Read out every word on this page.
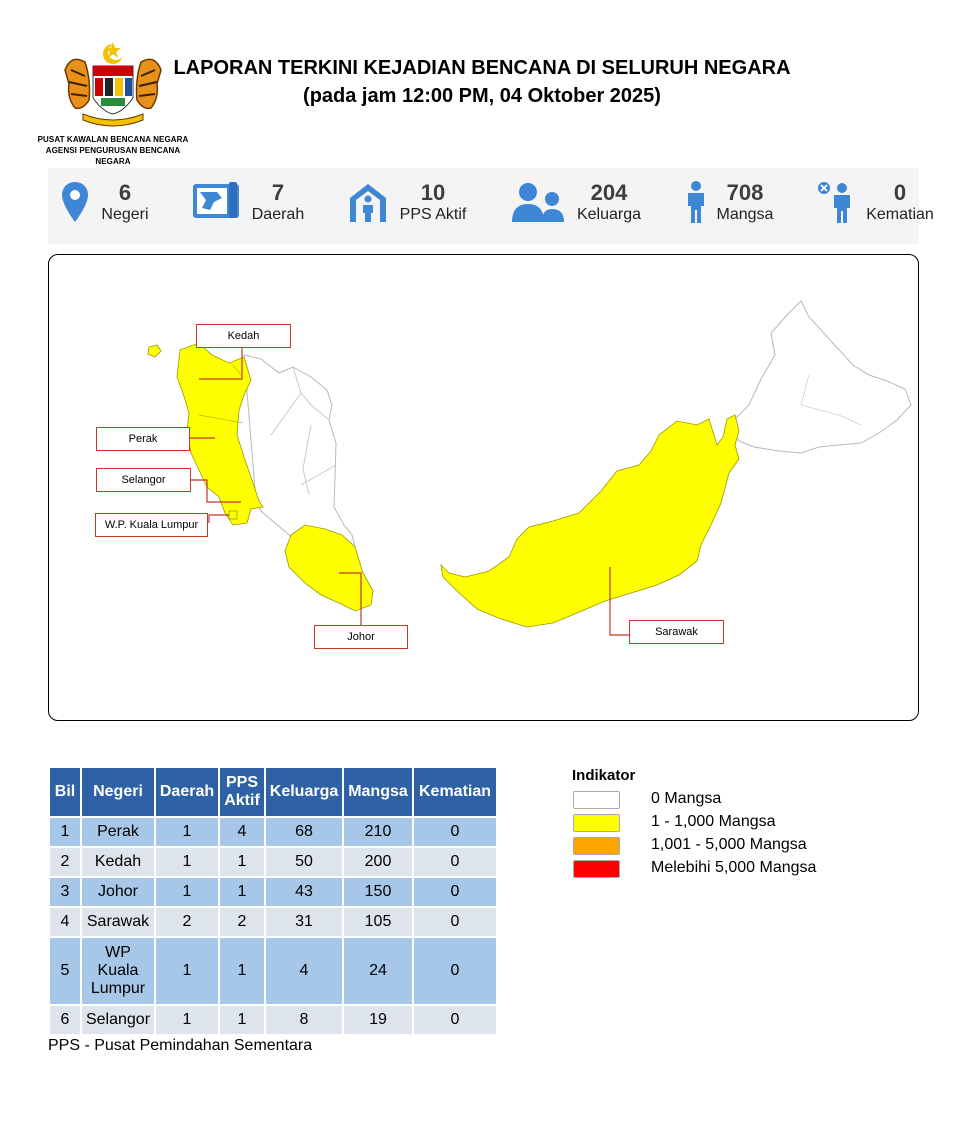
PUSAT KAWALAN BENCANA NEGARA
AGENSI PENGURUSAN BENCANA NEGARA
LAPORAN TERKINI KEJADIAN BENCANA DI SELURUH NEGARA
(pada jam 12:00 PM, 04 Oktober 2025)
6
Negeri
7
Daerah
10
PPS Aktif
204
Keluarga
708
Mangsa
0
Kematian
Kedah
Perak
Selangor
W.P. Kuala Lumpur
Johor	Sarawak
Bil	Negeri	Daerah	PPS Aktif	Keluarga	Mangsa	Kematian
1	Perak	1	4	68	210	0
2	Kedah	1	1	50	200	0
3	Johor	1	1	43	150	0
4	Sarawak	2	2	31	105	0
5	WP Kuala Lumpur	1	1	4	24	0
6	Selangor	1	1	8	19	0
PPS - Pusat Pemindahan Sementara
Indikator
0 Mangsa
1 - 1,000 Mangsa
1,001 - 5,000 Mangsa
Melebihi 5,000 Mangsa
